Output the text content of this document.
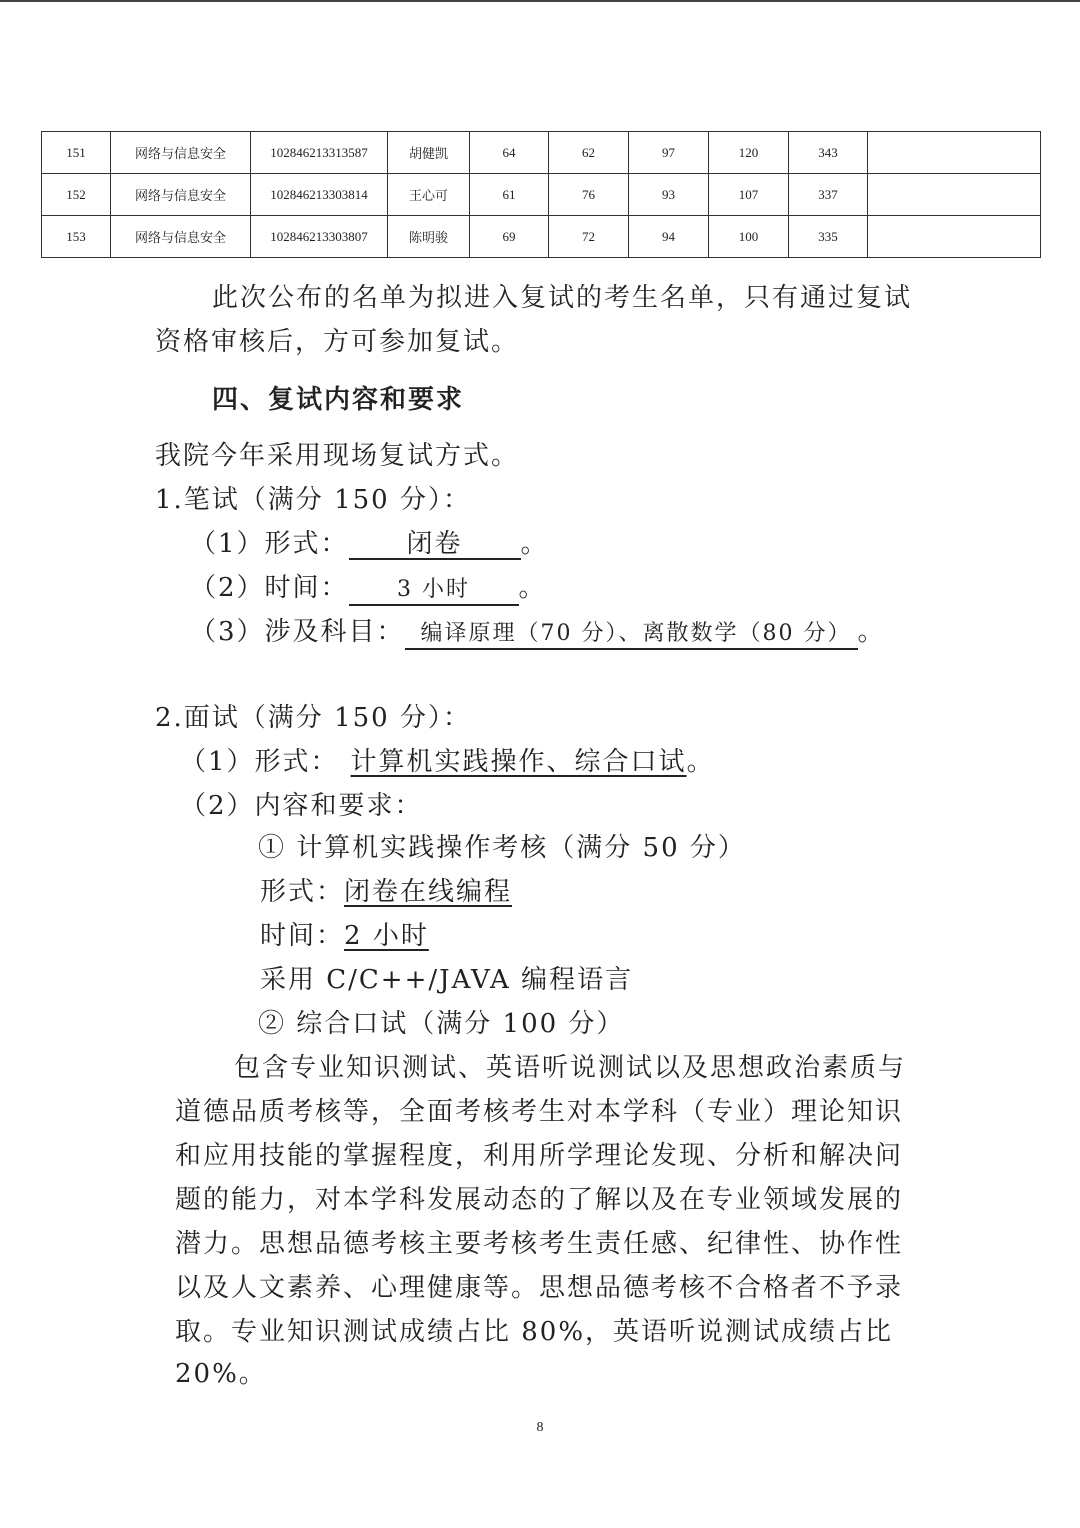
151	网络与信息安全	102846213313587	胡健凯	64	62	97	120	343	
152	网络与信息安全	102846213303814	王心可	61	76	93	107	337	
153	网络与信息安全	102846213303807	陈明骏	69	72	94	100	335	
此次公布的名单为拟进入复试的考生名单，只有通过复试
资格审核后，方可参加复试。
四、复试内容和要求
我院今年采用现场复试方式。
1.笔试（满分 150 分）：
（1）形式： 闭卷 。
（2）时间： 3 小时 。
（3）涉及科目： 编译原理（70 分）、离散数学（80 分） 。
2.面试（满分 150 分）：
（1）形式： 计算机实践操作、综合口试。
（2）内容和要求：
① 计算机实践操作考核（满分 50 分）
形式：闭卷在线编程
时间：2 小时
采用 C/C++/JAVA 编程语言
② 综合口试（满分 100 分）
包含专业知识测试、英语听说测试以及思想政治素质与
道德品质考核等，全面考核考生对本学科（专业）理论知识
和应用技能的掌握程度，利用所学理论发现、分析和解决问
题的能力，对本学科发展动态的了解以及在专业领域发展的
潜力。思想品德考核主要考核考生责任感、纪律性、协作性
以及人文素养、心理健康等。思想品德考核不合格者不予录
取。专业知识测试成绩占比 80%，英语听说测试成绩占比
20%。
8
